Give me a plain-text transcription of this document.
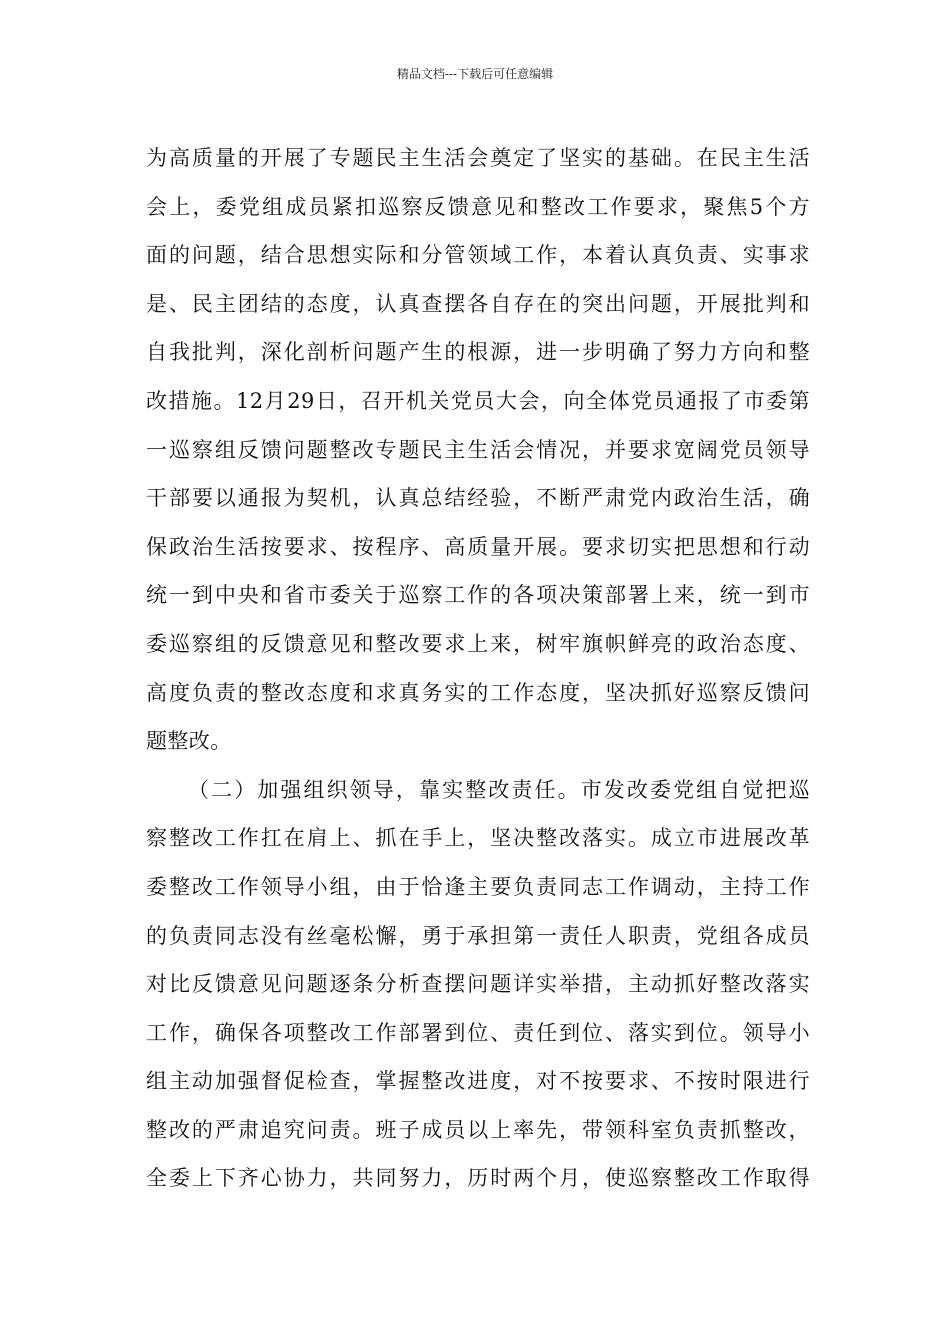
精品文档---下载后可任意编辑
为高质量的开展了专题民主生活会奠定了坚实的基础。在民主生活
会上，委党组成员紧扣巡察反馈意见和整改工作要求，聚焦5个方
面的问题，结合思想实际和分管领域工作，本着认真负责、实事求
是、民主团结的态度，认真查摆各自存在的突出问题，开展批判和
自我批判，深化剖析问题产生的根源，进一步明确了努力方向和整
改措施。12月29日，召开机关党员大会，向全体党员通报了市委第
一巡察组反馈问题整改专题民主生活会情况，并要求宽阔党员领导
干部要以通报为契机，认真总结经验，不断严肃党内政治生活，确
保政治生活按要求、按程序、高质量开展。要求切实把思想和行动
统一到中央和省市委关于巡察工作的各项决策部署上来，统一到市
委巡察组的反馈意见和整改要求上来，树牢旗帜鲜亮的政治态度、
高度负责的整改态度和求真务实的工作态度，坚决抓好巡察反馈问
题整改。
（二）加强组织领导，靠实整改责任。市发改委党组自觉把巡
察整改工作扛在肩上、抓在手上，坚决整改落实。成立市进展改革
委整改工作领导小组，由于恰逢主要负责同志工作调动，主持工作
的负责同志没有丝毫松懈，勇于承担第一责任人职责，党组各成员
对比反馈意见问题逐条分析查摆问题详实举措，主动抓好整改落实
工作，确保各项整改工作部署到位、责任到位、落实到位。领导小
组主动加强督促检查，掌握整改进度，对不按要求、不按时限进行
整改的严肃追究问责。班子成员以上率先，带领科室负责抓整改，
全委上下齐心协力，共同努力，历时两个月，使巡察整改工作取得
